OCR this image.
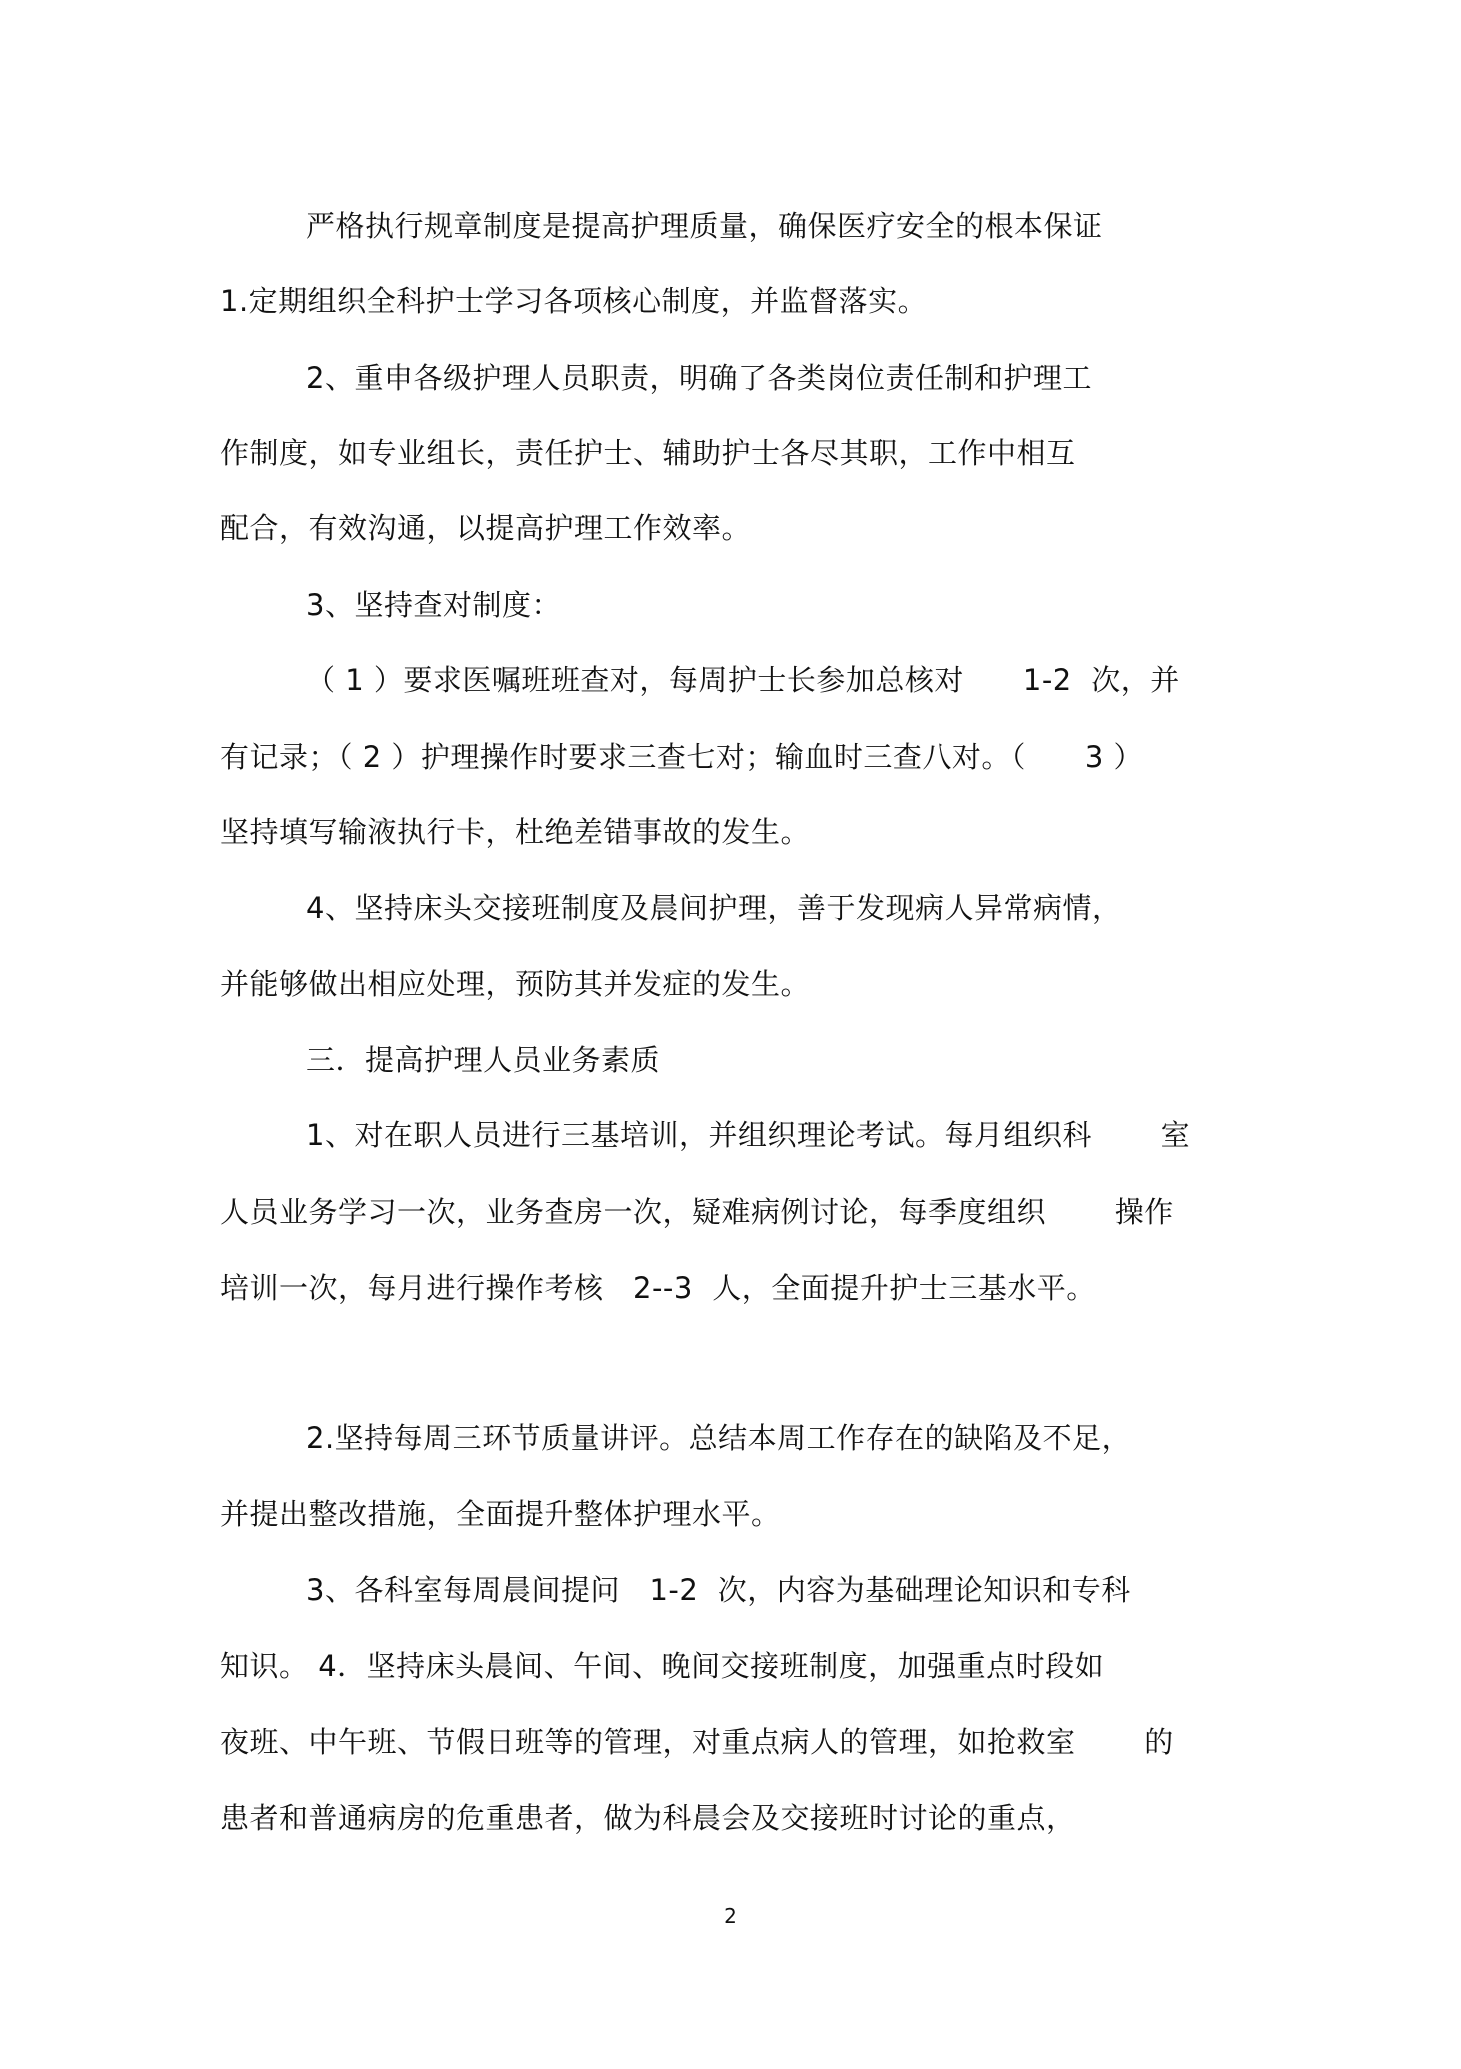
严格执行规章制度是提高护理质量，确保医疗安全的根本保证
1.定期组织全科护士学习各项核心制度，并监督落实。
2、重申各级护理人员职责，明确了各类岗位责任制和护理工
作制度，如专业组长，责任护士、辅助护士各尽其职，工作中相互
配合，有效沟通，以提高护理工作效率。
3、坚持查对制度：
（ 1 ）要求医嘱班班查对，每周护士长参加总核对　　1-2  次，并
有记录；（ 2 ）护理操作时要求三查七对；输血时三查八对。（　　3 ）
坚持填写输液执行卡，杜绝差错事故的发生。
4、坚持床头交接班制度及晨间护理，善于发现病人异常病情，
并能够做出相应处理，预防其并发症的发生。
三．提高护理人员业务素质
1、对在职人员进行三基培训，并组织理论考试。每月组织科　　 室
人员业务学习一次，业务查房一次，疑难病例讨论，每季度组织　　 操作
培训一次，每月进行操作考核　2--3  人，全面提升护士三基水平。
2.坚持每周三环节质量讲评。总结本周工作存在的缺陷及不足，
并提出整改措施，全面提升整体护理水平。
3、各科室每周晨间提问　1-2  次，内容为基础理论知识和专科
知识。 4．坚持床头晨间、午间、晚间交接班制度，加强重点时段如
夜班、中午班、节假日班等的管理，对重点病人的管理，如抢救室　　 的
患者和普通病房的危重患者，做为科晨会及交接班时讨论的重点，
2
